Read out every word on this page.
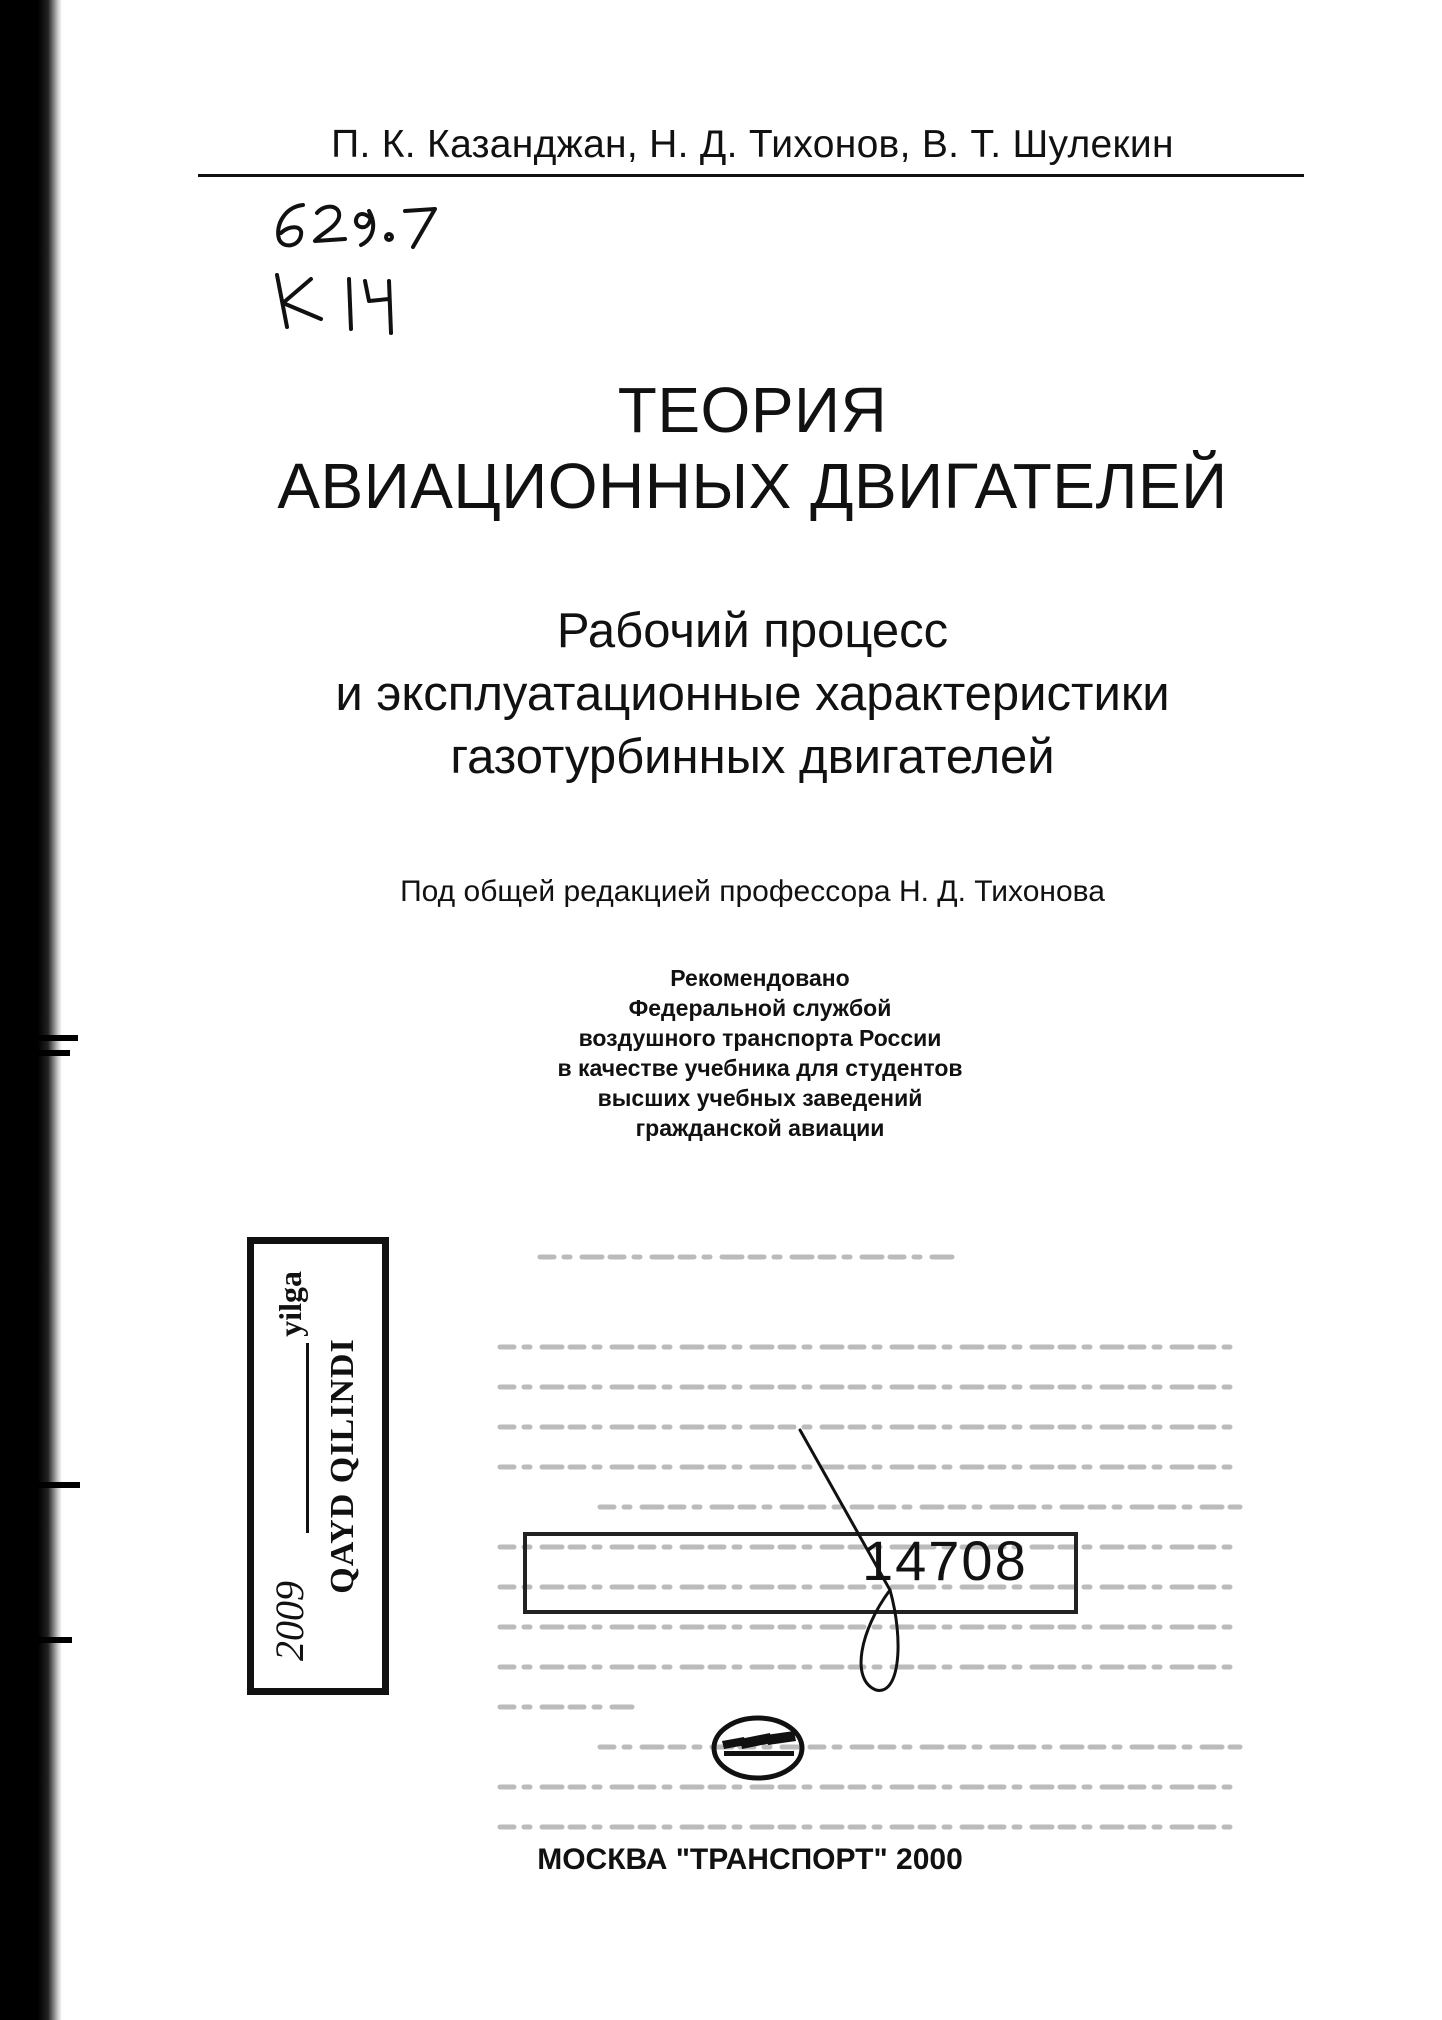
П. К. Казанджан, Н. Д. Тихонов, В. Т. Шулекин
ТЕОРИЯ
АВИАЦИОННЫХ ДВИГАТЕЛЕЙ
Рабочий процесс
и эксплуатационные характеристики
газотурбинных двигателей
Под общей редакцией профессора Н. Д. Тихонова
Рекомендовано
Федеральной службой
воздушного транспорта России
в качестве учебника для студентов
высших учебных заведений
гражданской авиации
14708
2009
yilga
QAYD QILINDI
МОСКВА "ТРАНСПОРТ" 2000
